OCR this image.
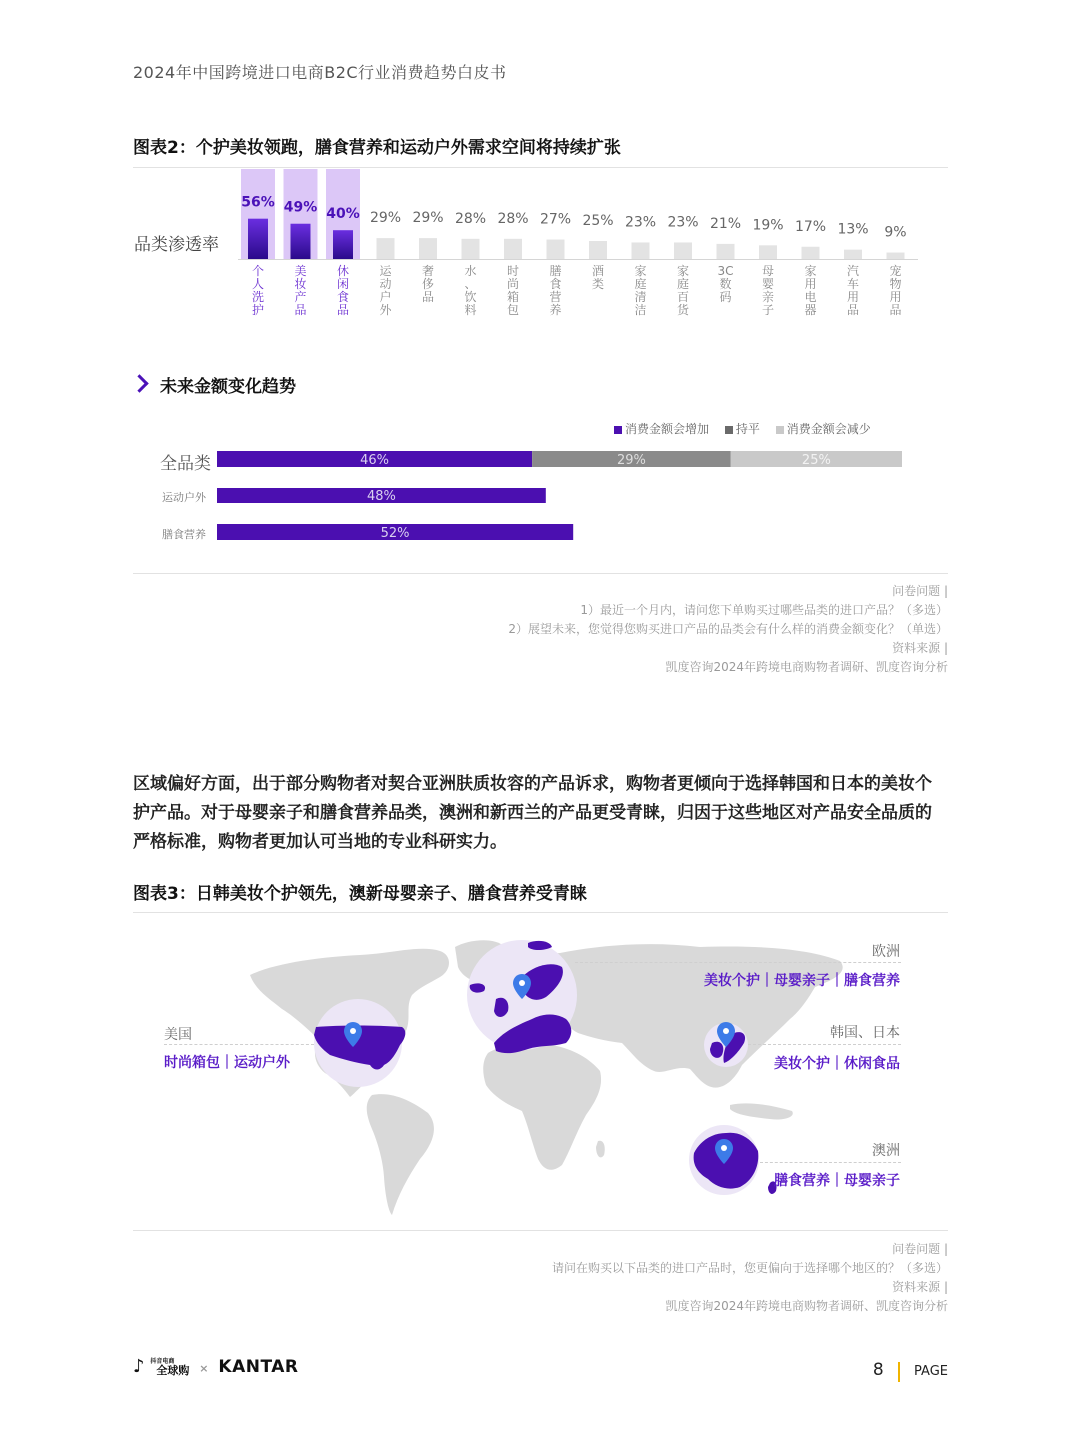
2024年中国跨境进口电商B2C行业消费趋势白皮书
图表2：个护美妆领跑，膳食营养和运动户外需求空间将持续扩张
品类渗透率
56%
个人洗护
49%
美妆产品
40%
休闲食品
29%
运动户外
29%
奢侈品
28%
水、饮料
28%
时尚箱包
27%
膳食营养
25%
酒类
23%
家庭清洁
23%
家庭百货
21%
3C 数码
19%
母婴亲子
17%
家用电器
13%
汽车用品
9%
宠物用品
未来金额变化趋势
消费金额会增加 持平 消费金额会减少
全品类
运动户外
膳食营养
46%	29%	25%
48%
52%
问卷问题 |
1）最近一个月内，请问您下单购买过哪些品类的进口产品？（多选）
2）展望未来，您觉得您购买进口产品的品类会有什么样的消费金额变化？（单选）
资料来源 |
凯度咨询2024年跨境电商购物者调研、凯度咨询分析
区域偏好方面，出于部分购物者对契合亚洲肤质妆容的产品诉求，购物者更倾向于选择韩国和日本的美妆个护产品。对于母婴亲子和膳食营养品类，澳洲和新西兰的产品更受青睐，归因于这些地区对产品安全品质的严格标准，购物者更加认可当地的专业科研实力。
图表3：日韩美妆个护领先，澳新母婴亲子、膳食营养受青睐
美国
时尚箱包｜运动户外
欧洲
美妆个护｜母婴亲子｜膳食营养
韩国、日本
美妆个护｜休闲食品
澳洲
膳食营养｜母婴亲子
问卷问题 |
请问在购买以下品类的进口产品时，您更偏向于选择哪个地区的？（多选）
资料来源 |
凯度咨询2024年跨境电商购物者调研、凯度咨询分析
♪ $^{抖音电商}$ 全球购 × KANTAR	8 PAGE
